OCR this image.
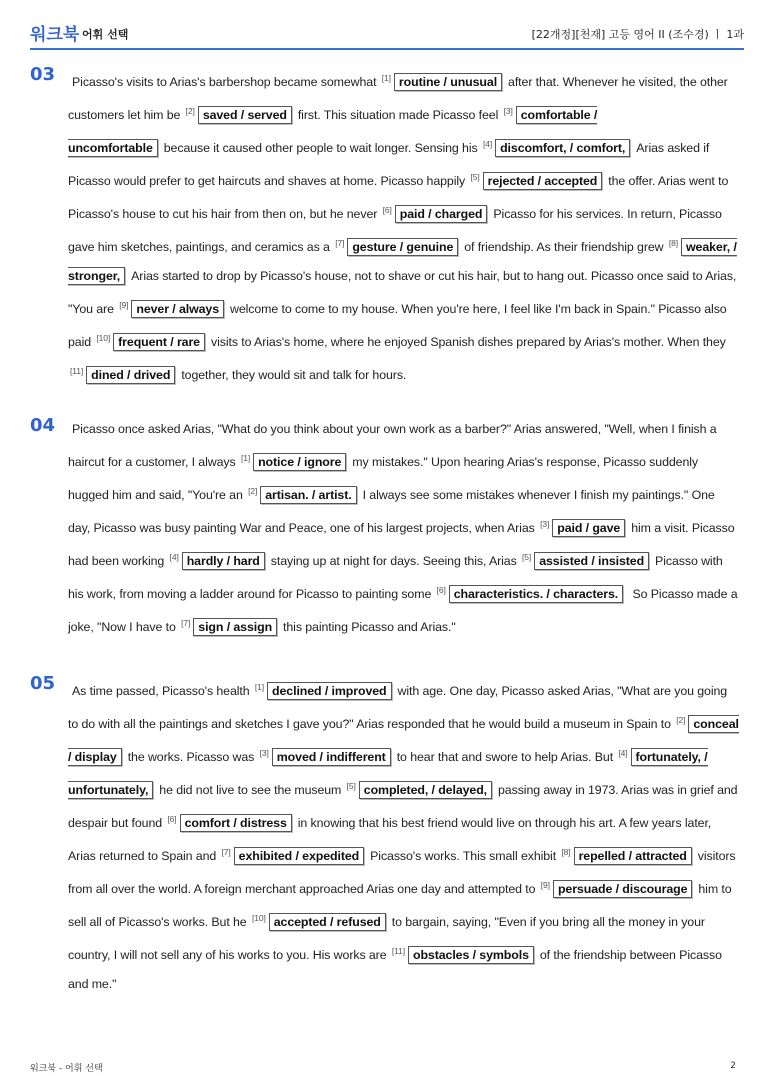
워크북 어휘 선택	[22개정][천재] 고등 영어 II (조수경) ㅣ 1과
03	Picasso's visits to Arias's barbershop became somewhat [1] routine / unusual after that. Whenever he visited, the other customers let him be [2] saved / served first. This situation made Picasso feel [3] comfortable / uncomfortable because it caused other people to wait longer. Sensing his [4] discomfort, / comfort, Arias asked if Picasso would prefer to get haircuts and shaves at home. Picasso happily [5] rejected / accepted the offer. Arias went to Picasso's house to cut his hair from then on, but he never [6] paid / charged Picasso for his services. In return, Picasso gave him sketches, paintings, and ceramics as a [7] gesture / genuine of friendship. As their friendship grew [8] weaker, / stronger, Arias started to drop by Picasso's house, not to shave or cut his hair, but to hang out. Picasso once said to Arias, "You are [9] never / always welcome to come to my house. When you're here, I feel like I'm back in Spain." Picasso also paid [10] frequent / rare visits to Arias's home, where he enjoyed Spanish dishes prepared by Arias's mother. When they [11] dined / drived together, they would sit and talk for hours.
04	Picasso once asked Arias, "What do you think about your own work as a barber?" Arias answered, "Well, when I finish a haircut for a customer, I always [1] notice / ignore my mistakes." Upon hearing Arias's response, Picasso suddenly hugged him and said, "You're an [2] artisan. / artist. I always see some mistakes whenever I finish my paintings." One day, Picasso was busy painting War and Peace, one of his largest projects, when Arias [3] paid / gave him a visit. Picasso had been working [4] hardly / hard staying up at night for days. Seeing this, Arias [5] assisted / insisted Picasso with his work, from moving a ladder around for Picasso to painting some [6] characteristics. / characters. So Picasso made a joke, "Now I have to [7] sign / assign this painting Picasso and Arias."
05	As time passed, Picasso's health [1] declined / improved with age. One day, Picasso asked Arias, "What are you going to do with all the paintings and sketches I gave you?" Arias responded that he would build a museum in Spain to [2] conceal / display the works. Picasso was [3] moved / indifferent to hear that and swore to help Arias. But [4] fortunately, / unfortunately, he did not live to see the museum [5] completed, / delayed, passing away in 1973. Arias was in grief and despair but found [6] comfort / distress in knowing that his best friend would live on through his art. A few years later, Arias returned to Spain and [7] exhibited / expedited Picasso's works. This small exhibit [8] repelled / attracted visitors from all over the world. A foreign merchant approached Arias one day and attempted to [9] persuade / discourage him to sell all of Picasso's works. But he [10] accepted / refused to bargain, saying, "Even if you bring all the money in your country, I will not sell any of his works to you. His works are [11] obstacles / symbols of the friendship between Picasso and me."
워크북 - 어휘 선택	2
